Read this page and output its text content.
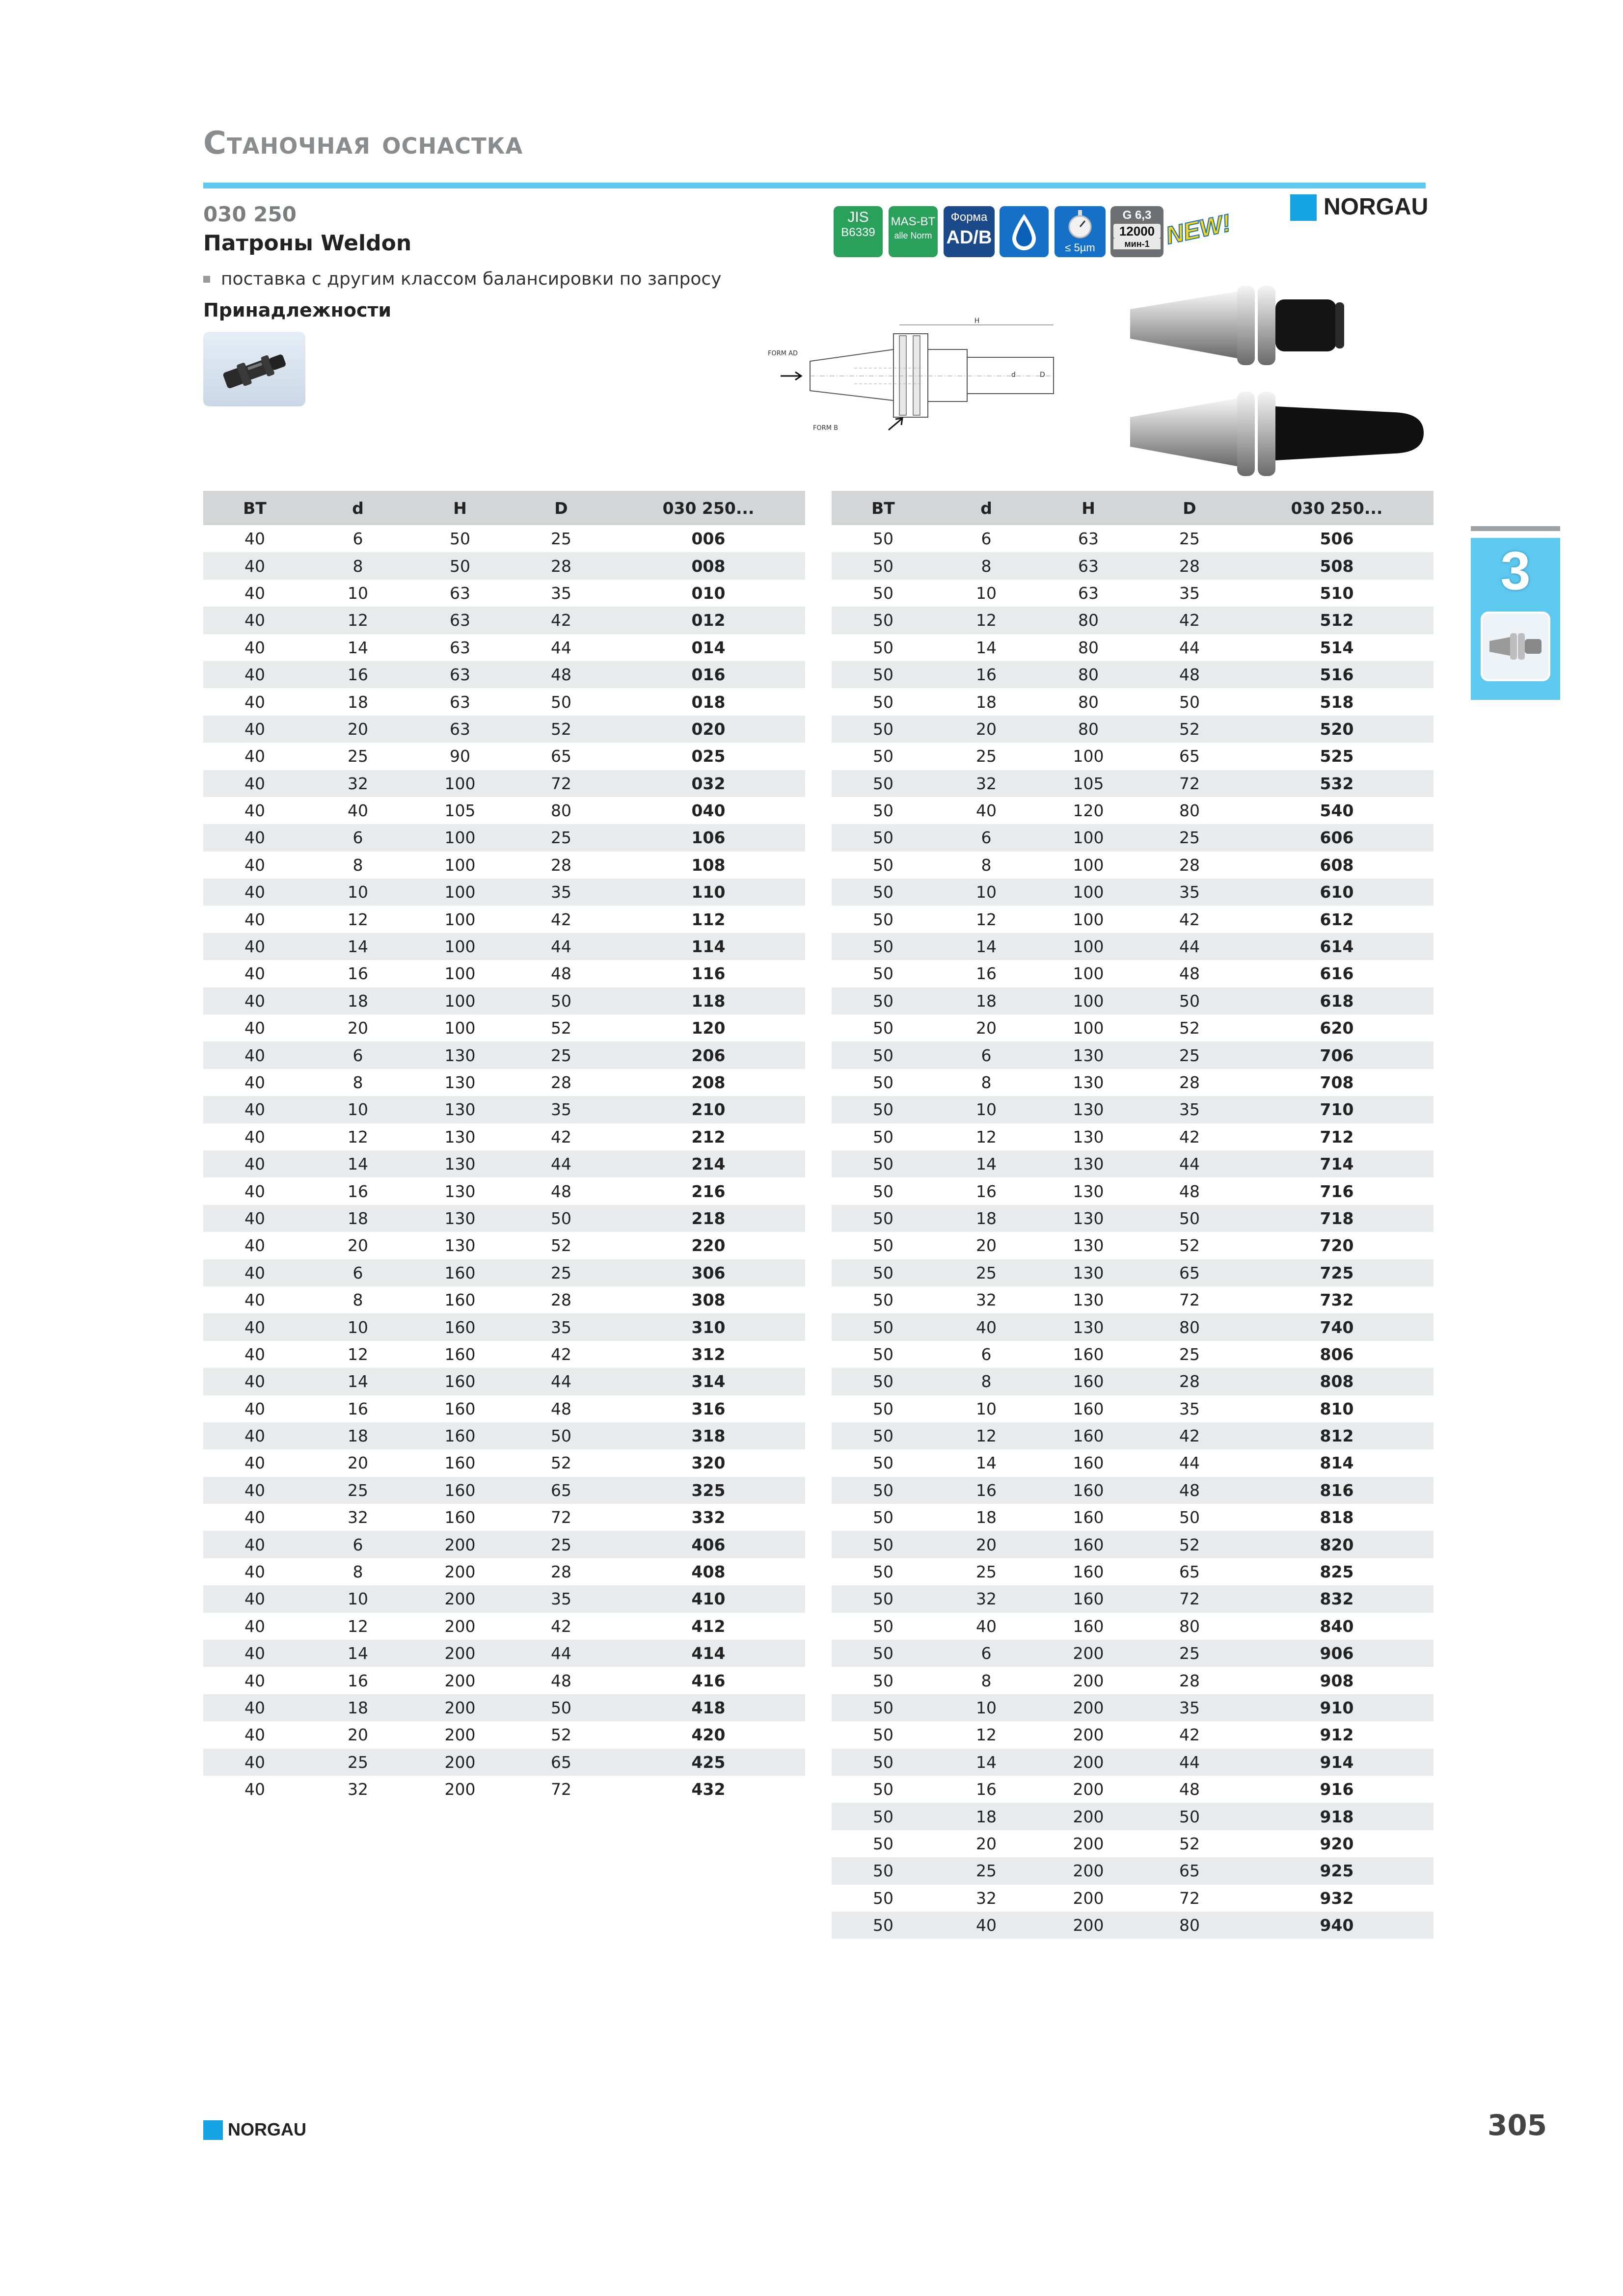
Станочная оснастка
030 250
Патроны Weldon
поставка с другим классом балансировки по запросу
Принадлежности
JIS
B6339
MAS-BT
alle Norm
Форма
AD/B	≤ 5µm
G 6,3
12000
мин-1 NEW!
NORGAU
H
d	D
FORM AD
FORM B
BT	d	H	D	030 250...
40	6	50	25	006
40	8	50	28	008
40	10	63	35	010
40	12	63	42	012
40	14	63	44	014
40	16	63	48	016
40	18	63	50	018
40	20	63	52	020
40	25	90	65	025
40	32	100	72	032
40	40	105	80	040
40	6	100	25	106
40	8	100	28	108
40	10	100	35	110
40	12	100	42	112
40	14	100	44	114
40	16	100	48	116
40	18	100	50	118
40	20	100	52	120
40	6	130	25	206
40	8	130	28	208
40	10	130	35	210
40	12	130	42	212
40	14	130	44	214
40	16	130	48	216
40	18	130	50	218
40	20	130	52	220
40	6	160	25	306
40	8	160	28	308
40	10	160	35	310
40	12	160	42	312
40	14	160	44	314
40	16	160	48	316
40	18	160	50	318
40	20	160	52	320
40	25	160	65	325
40	32	160	72	332
40	6	200	25	406
40	8	200	28	408
40	10	200	35	410
40	12	200	42	412
40	14	200	44	414
40	16	200	48	416
40	18	200	50	418
40	20	200	52	420
40	25	200	65	425
40	32	200	72	432
BT	d	H	D	030 250...
50	6	63	25	506
50	8	63	28	508
50	10	63	35	510
50	12	80	42	512
50	14	80	44	514
50	16	80	48	516
50	18	80	50	518
50	20	80	52	520
50	25	100	65	525
50	32	105	72	532
50	40	120	80	540
50	6	100	25	606
50	8	100	28	608
50	10	100	35	610
50	12	100	42	612
50	14	100	44	614
50	16	100	48	616
50	18	100	50	618
50	20	100	52	620
50	6	130	25	706
50	8	130	28	708
50	10	130	35	710
50	12	130	42	712
50	14	130	44	714
50	16	130	48	716
50	18	130	50	718
50	20	130	52	720
50	25	130	65	725
50	32	130	72	732
50	40	130	80	740
50	6	160	25	806
50	8	160	28	808
50	10	160	35	810
50	12	160	42	812
50	14	160	44	814
50	16	160	48	816
50	18	160	50	818
50	20	160	52	820
50	25	160	65	825
50	32	160	72	832
50	40	160	80	840
50	6	200	25	906
50	8	200	28	908
50	10	200	35	910
50	12	200	42	912
50	14	200	44	914
50	16	200	48	916
50	18	200	50	918
50	20	200	52	920
50	25	200	65	925
50	32	200	72	932
50	40	200	80	940
3
NORGAU	305
